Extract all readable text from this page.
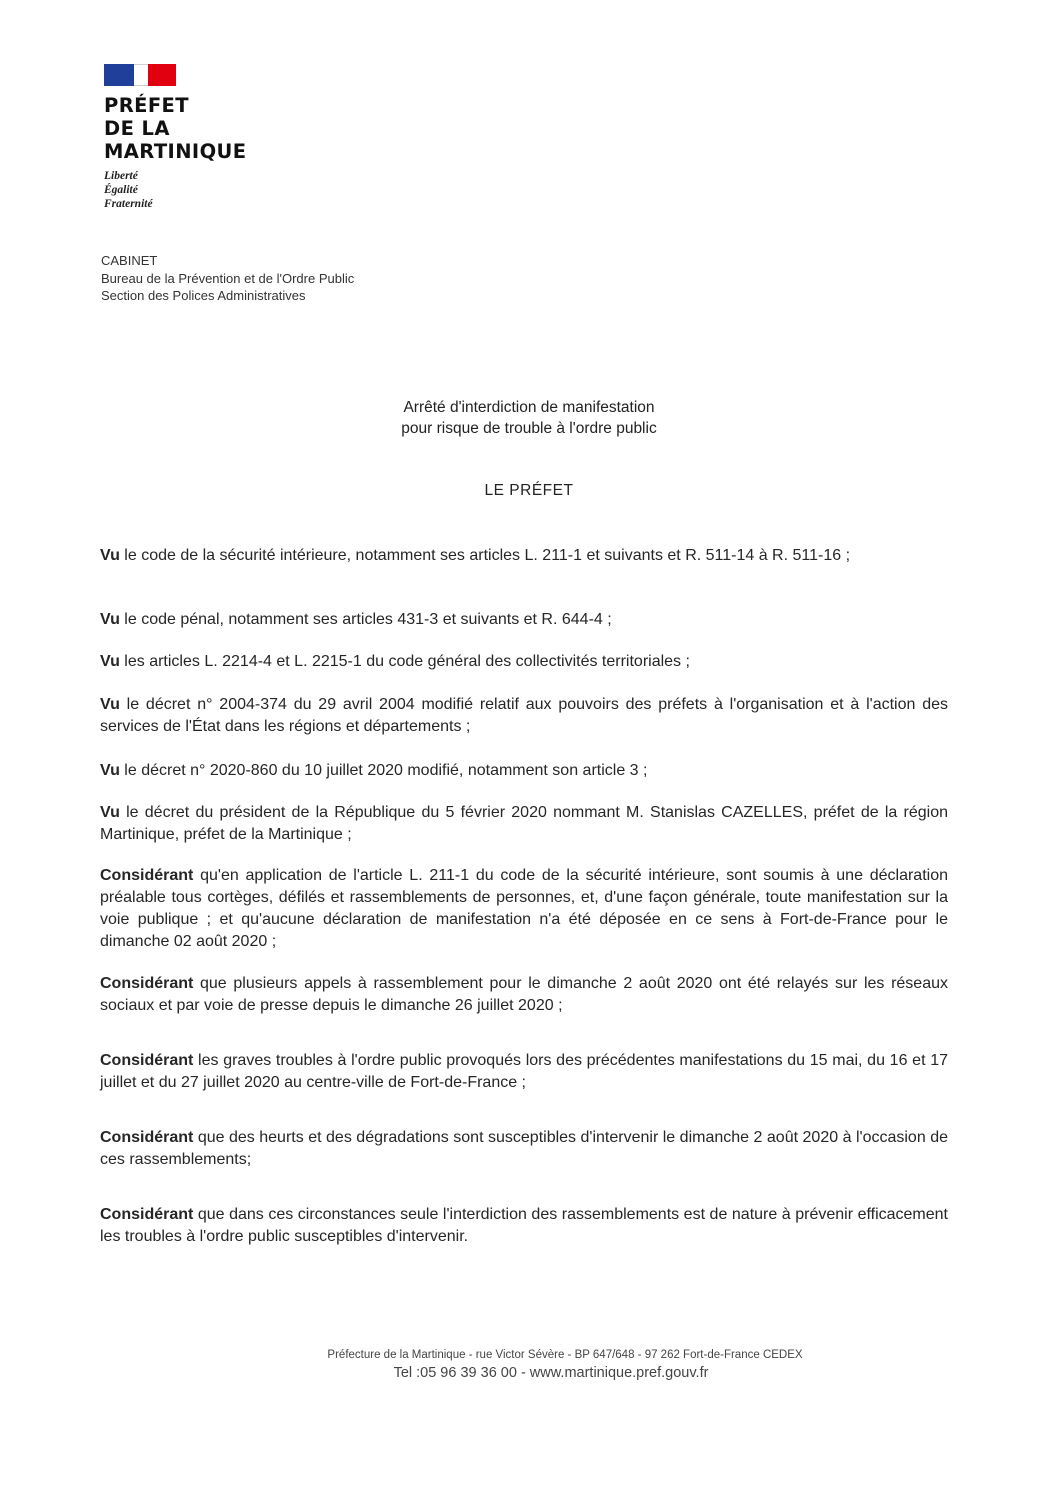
PRÉFET
DE LA
MARTINIQUE
Liberté
Égalité
Fraternité
CABINET
Bureau de la Prévention et de l'Ordre Public
Section des Polices Administratives
Arrêté d'interdiction de manifestation
pour risque de trouble à l'ordre public
LE PRÉFET
Vu le code de la sécurité intérieure, notamment ses articles L. 211-1 et suivants et R. 511-14 à R. 511-16 ;
Vu le code pénal, notamment ses articles 431-3 et suivants et R. 644-4 ;
Vu les articles L. 2214-4 et L. 2215-1 du code général des collectivités territoriales ;
Vu le décret n° 2004-374 du 29 avril 2004 modifié relatif aux pouvoirs des préfets à l'organisation et à l'action des services de l'État dans les régions et départements ;
Vu le décret n° 2020-860 du 10 juillet 2020 modifié, notamment son article 3 ;
Vu le décret du président de la République du 5 février 2020 nommant M. Stanislas CAZELLES, préfet de la région Martinique, préfet de la Martinique ;
Considérant qu'en application de l'article L. 211-1 du code de la sécurité intérieure, sont soumis à une déclaration préalable tous cortèges, défilés et rassemblements de personnes, et, d'une façon générale, toute manifestation sur la voie publique ; et qu'aucune déclaration de manifestation n'a été déposée en ce sens à Fort-de-France pour le dimanche 02 août 2020 ;
Considérant que plusieurs appels à rassemblement pour le dimanche 2 août 2020 ont été relayés sur les réseaux sociaux et par voie de presse depuis le dimanche 26 juillet 2020 ;
Considérant les graves troubles à l'ordre public provoqués lors des précédentes manifestations du 15 mai, du 16 et 17 juillet et du 27 juillet 2020 au centre-ville de Fort-de-France ;
Considérant que des heurts et des dégradations sont susceptibles d'intervenir le dimanche 2 août 2020 à l'occasion de ces rassemblements;
Considérant que dans ces circonstances seule l'interdiction des rassemblements est de nature à prévenir efficacement les troubles à l'ordre public susceptibles d'intervenir.
Préfecture de la Martinique - rue Victor Sévère - BP 647/648 - 97 262 Fort-de-France CEDEX
Tel :05 96 39 36 00 - www.martinique.pref.gouv.fr
